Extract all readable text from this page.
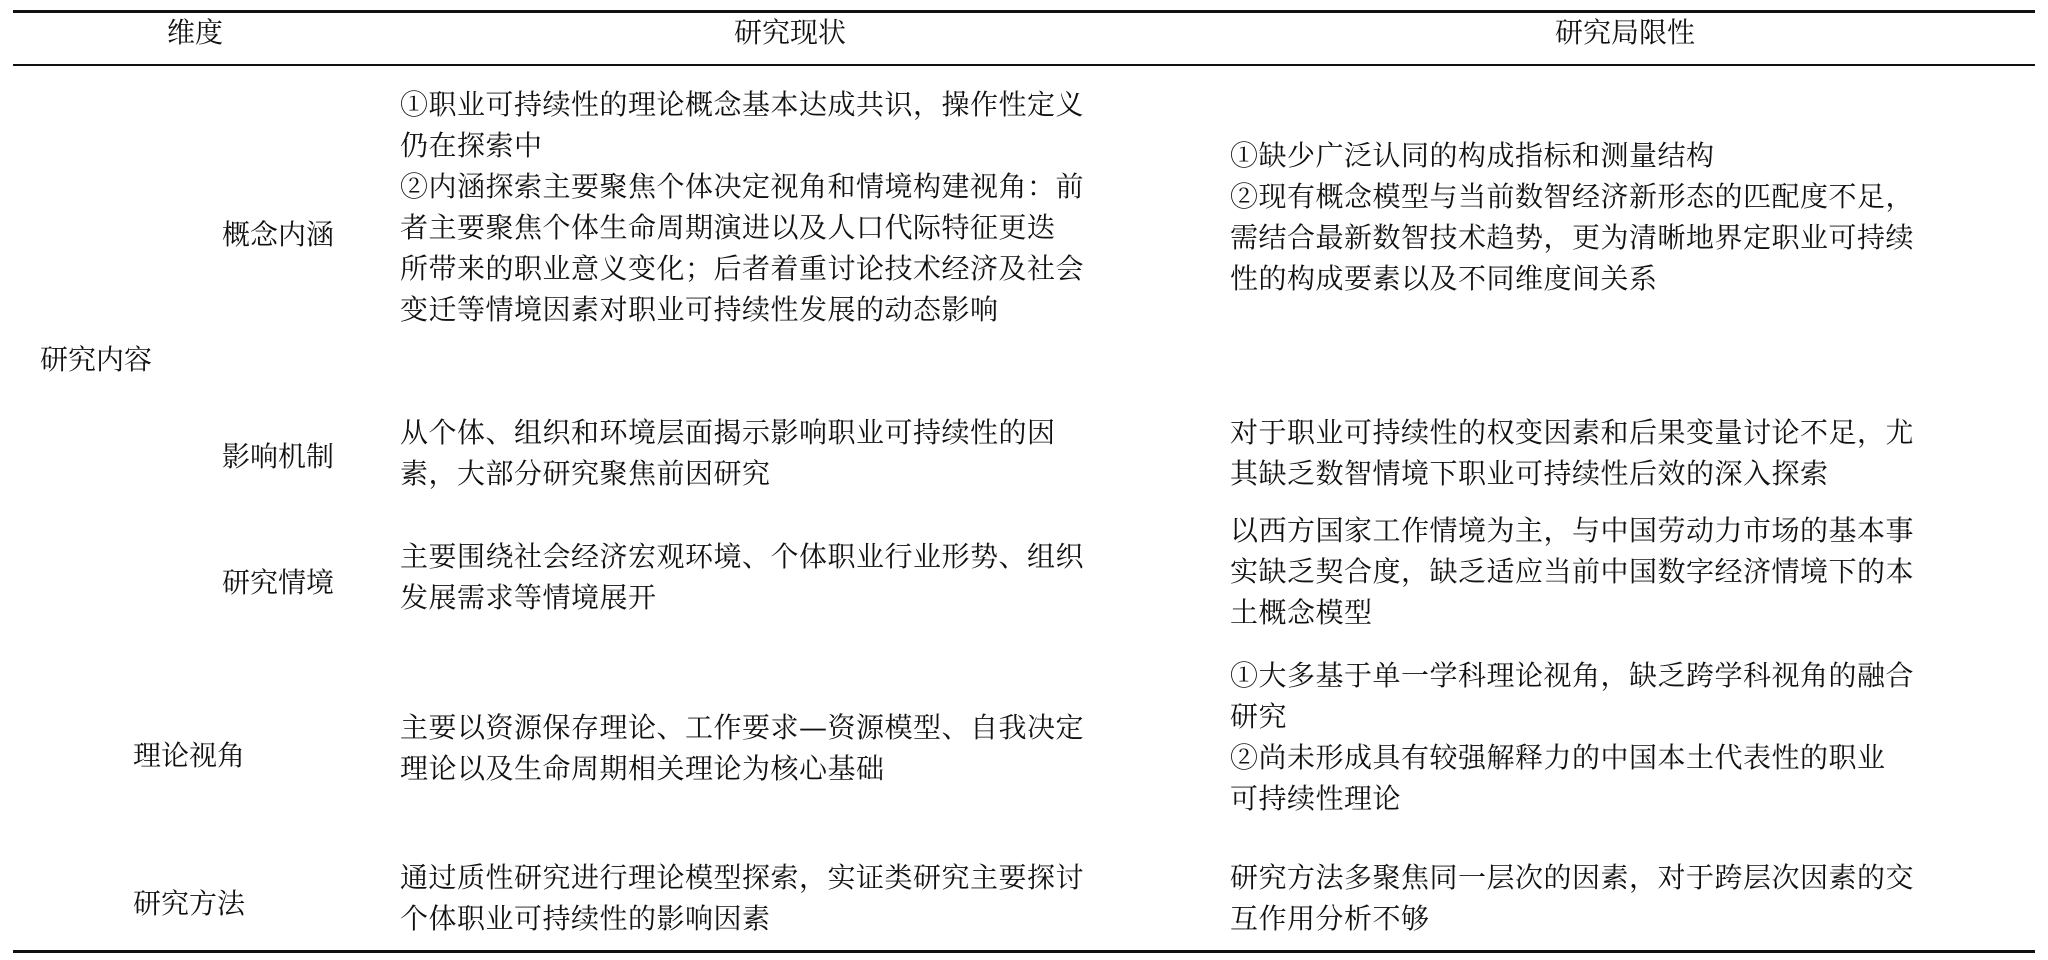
维度	研究现状	研究局限性
研究内容
概念内涵
①职业可持续性的理论概念基本达成共识，操作性定义
仍在探索中
②内涵探索主要聚焦个体决定视角和情境构建视角：前
者主要聚焦个体生命周期演进以及人口代际特征更迭
所带来的职业意义变化；后者着重讨论技术经济及社会
变迁等情境因素对职业可持续性发展的动态影响
①缺少广泛认同的构成指标和测量结构
②现有概念模型与当前数智经济新形态的匹配度不足，
需结合最新数智技术趋势，更为清晰地界定职业可持续
性的构成要素以及不同维度间关系
影响机制
从个体、组织和环境层面揭示影响职业可持续性的因
素，大部分研究聚焦前因研究
对于职业可持续性的权变因素和后果变量讨论不足，尤
其缺乏数智情境下职业可持续性后效的深入探索
研究情境
主要围绕社会经济宏观环境、个体职业行业形势、组织
发展需求等情境展开
以西方国家工作情境为主，与中国劳动力市场的基本事
实缺乏契合度，缺乏适应当前中国数字经济情境下的本
土概念模型
理论视角
主要以资源保存理论、工作要求—资源模型、自我决定
理论以及生命周期相关理论为核心基础
①大多基于单一学科理论视角，缺乏跨学科视角的融合
研究
②尚未形成具有较强解释力的中国本土代表性的职业
可持续性理论
研究方法
通过质性研究进行理论模型探索，实证类研究主要探讨
个体职业可持续性的影响因素
研究方法多聚焦同一层次的因素，对于跨层次因素的交
互作用分析不够
